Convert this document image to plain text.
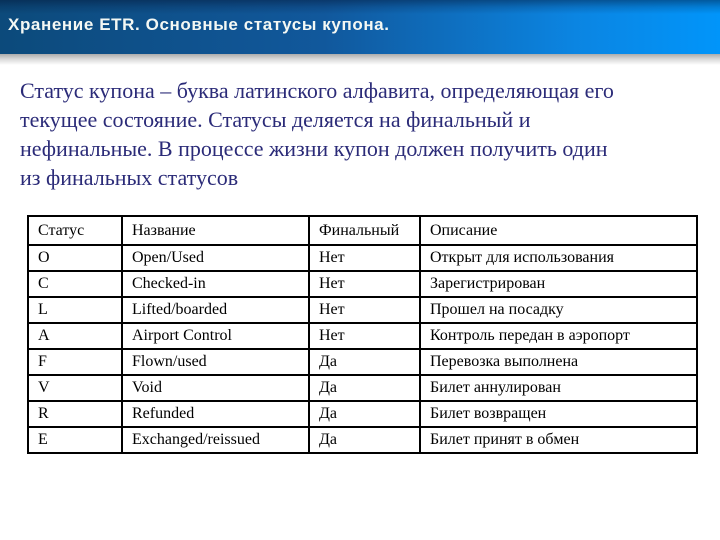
Хранение ETR. Основные статусы купона.
Статус купона – буква латинского алфавита, определяющая его
текущее состояние. Статусы деляется на финальный и
нефинальные. В процессе жизни купон должен получить один
из финальных статусов
Статус	Название	Финальный	Описание
O	Open/Used	Нет	Открыт для использования
C	Checked-in	Нет	Зарегистрирован
L	Lifted/boarded	Нет	Прошел на посадку
A	Airport Control	Нет	Контроль передан в аэропорт
F	Flown/used	Да	Перевозка выполнена
V	Void	Да	Билет аннулирован
R	Refunded	Да	Билет возвращен
E	Exchanged/reissued	Да	Билет принят в обмен
